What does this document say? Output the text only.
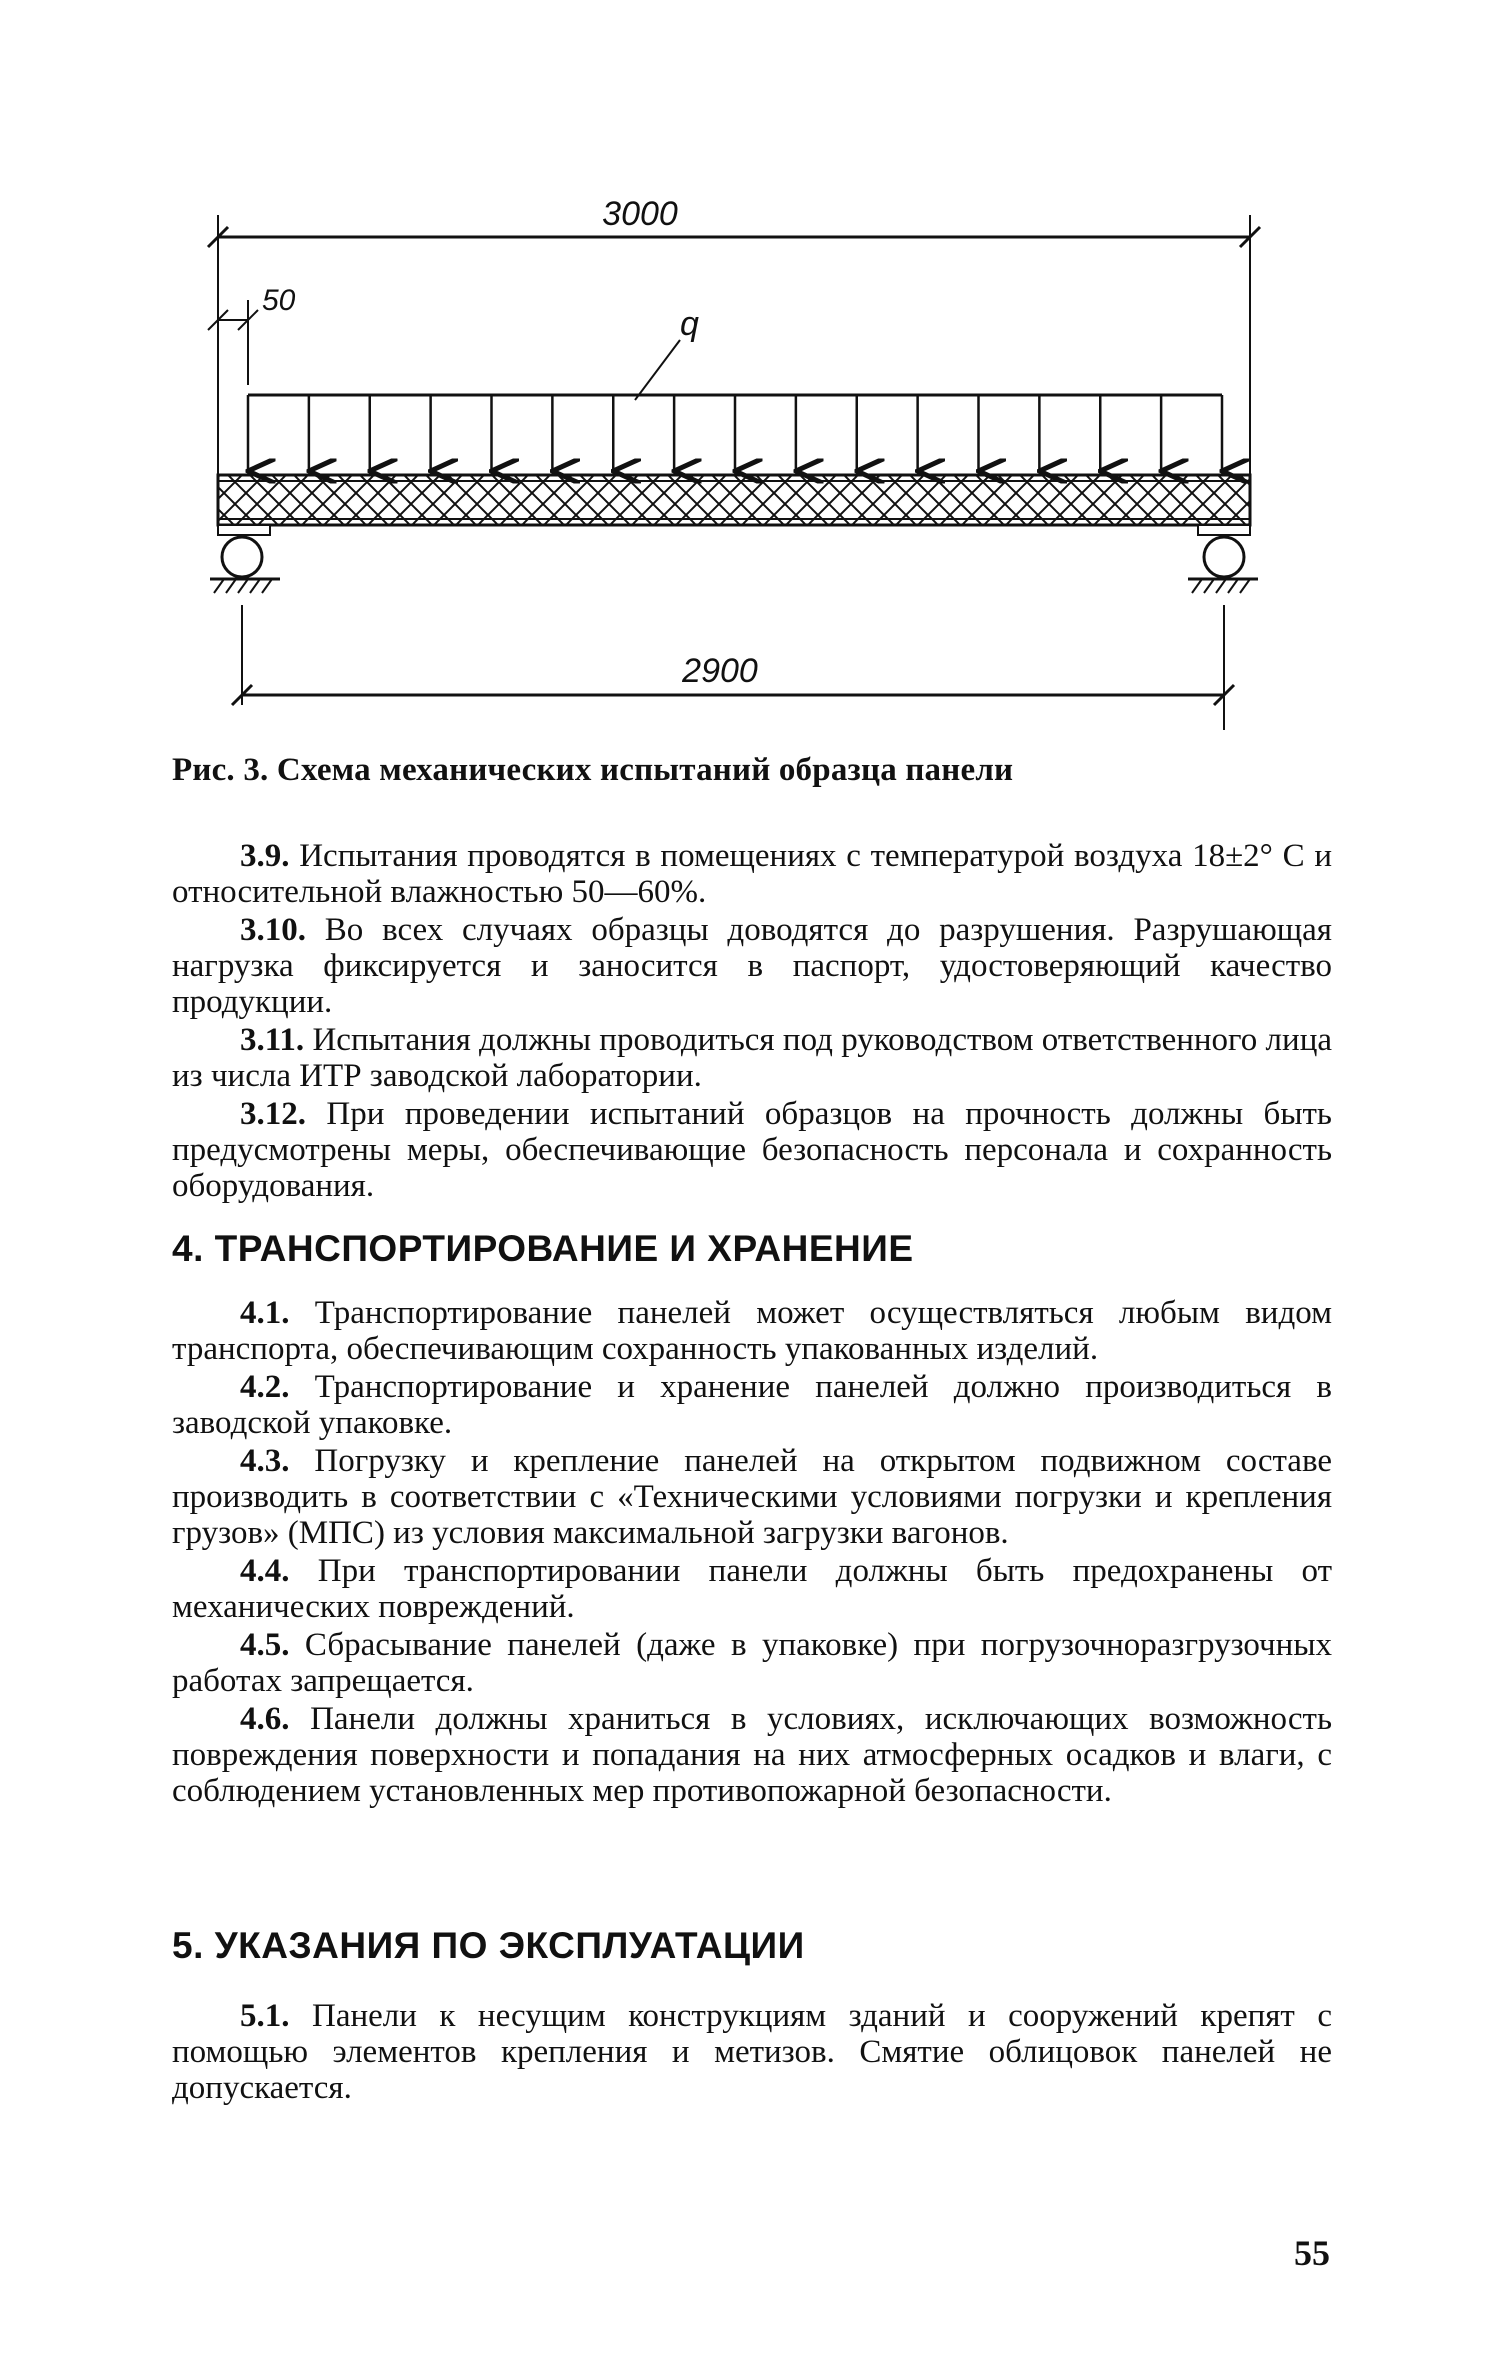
3000
50
q
2900
Рис. 3. Схема механических испытаний образца панели

3.9. Испытания проводятся в помещениях с температурой воздуха 18±2° С и относительной влажностью 50—60%.

3.10. Во всех случаях образцы доводятся до разрушения. Разрушающая нагрузка фиксируется и заносится в паспорт, удостоверяющий качество продукции.

3.11. Испытания должны проводиться под руководством ответственного лица из числа ИТР заводской лаборатории.

3.12. При проведении испытаний образцов на прочность должны быть предусмотрены меры, обеспечивающие безопасность персонала и сохранность оборудования.

4. ТРАНСПОРТИРОВАНИЕ И ХРАНЕНИЕ

4.1. Транспортирование панелей может осуществляться любым видом транспорта, обеспечивающим сохранность упакованных изделий.

4.2. Транспортирование и хранение панелей должно производиться в заводской упаковке.

4.3. Погрузку и крепление панелей на открытом подвижном составе производить в соответствии с «Техническими условиями погрузки и крепления грузов» (МПС) из условия максимальной загрузки вагонов.

4.4. При транспортировании панели должны быть предохранены от механических повреждений.

4.5. Сбрасывание панелей (даже в упаковке) при погрузочноразгрузочных работах запрещается.

4.6. Панели должны храниться в условиях, исключающих возможность повреждения поверхности и попадания на них атмосферных осадков и влаги, с соблюдением установленных мер противопожарной безопасности.

5. УКАЗАНИЯ ПО ЭКСПЛУАТАЦИИ

5.1. Панели к несущим конструкциям зданий и сооружений крепят с помощью элементов крепления и метизов. Смятие облицовок панелей не допускается.

55
